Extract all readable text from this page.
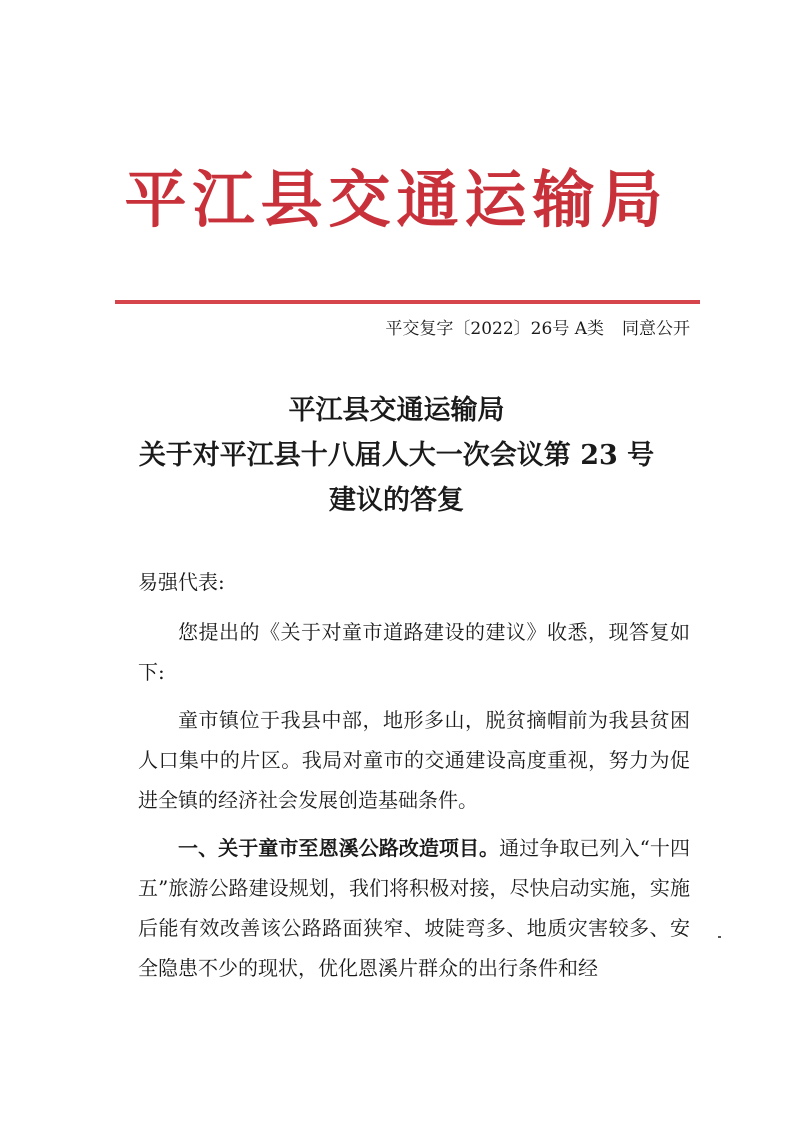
平江县交通运输局
平交复字〔2022〕26号 A类 同意公开
平江县交通运输局
关于对平江县十八届人大一次会议第 23 号
建议的答复

易强代表:

您提出的《关于对童市道路建设的建议》收悉，现答复如下:

童市镇位于我县中部，地形多山，脱贫摘帽前为我县贫困人口集中的片区。我局对童市的交通建设高度重视，努力为促进全镇的经济社会发展创造基础条件。

一、关于童市至恩溪公路改造项目。通过争取已列入“十四五”旅游公路建设规划，我们将积极对接，尽快启动实施，实施后能有效改善该公路路面狭窄、坡陡弯多、地质灾害较多、安全隐患不少的现状，优化恩溪片群众的出行条件和经
